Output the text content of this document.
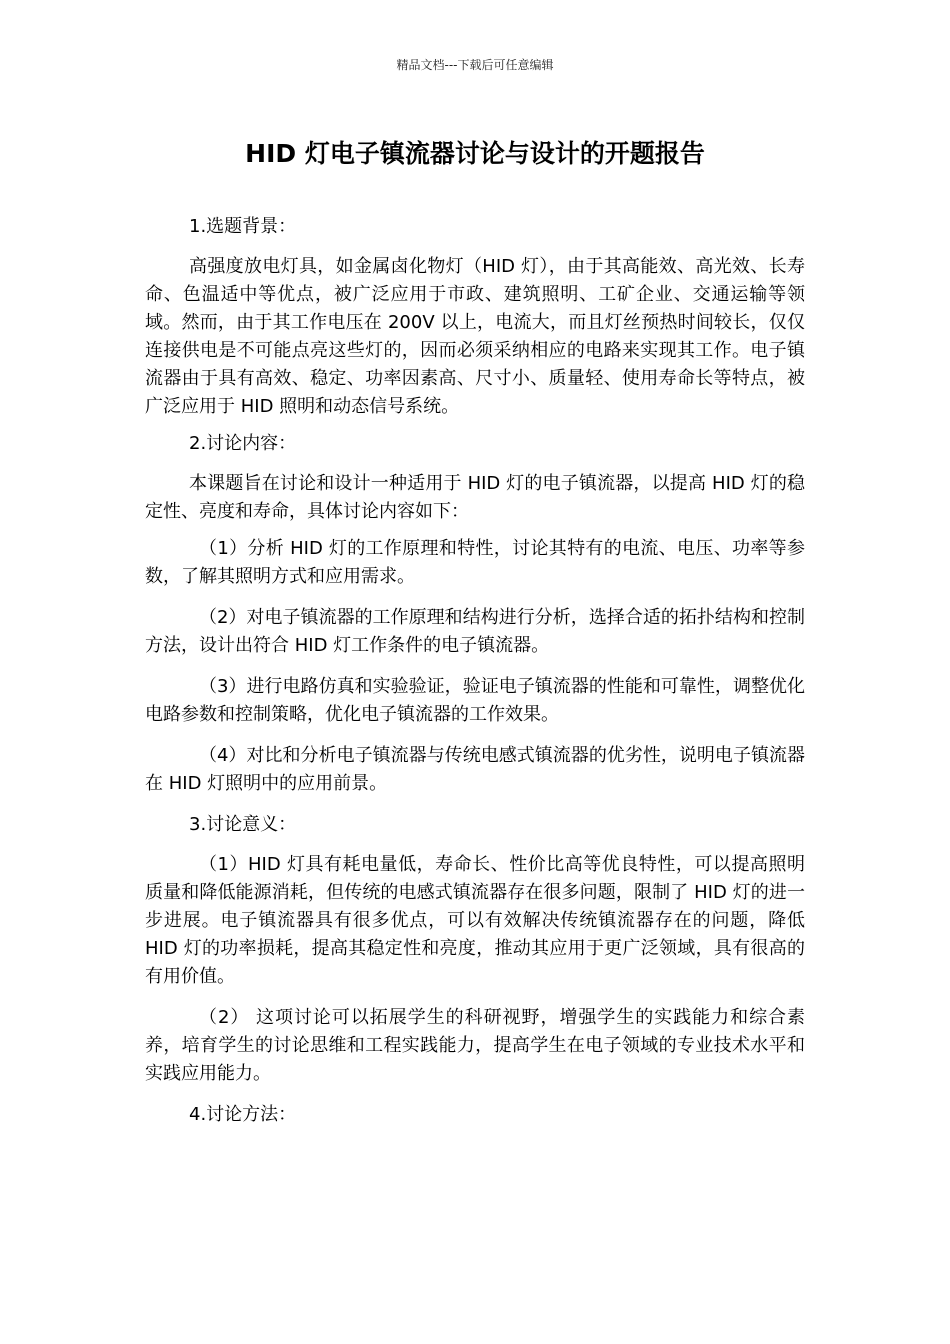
精品文档---下载后可任意编辑
HID 灯电子镇流器讨论与设计的开题报告

1.选题背景：

高强度放电灯具，如金属卤化物灯（HID 灯），由于其高能效、高光效、长寿命、色温适中等优点，被广泛应用于市政、建筑照明、工矿企业、交通运输等领域。然而，由于其工作电压在 200V 以上，电流大，而且灯丝预热时间较长，仅仅连接供电是不可能点亮这些灯的，因而必须采纳相应的电路来实现其工作。电子镇流器由于具有高效、稳定、功率因素高、尺寸小、质量轻、使用寿命长等特点，被广泛应用于 HID 照明和动态信号系统。

2.讨论内容：

本课题旨在讨论和设计一种适用于 HID 灯的电子镇流器，以提高 HID 灯的稳定性、亮度和寿命，具体讨论内容如下：

（1）分析 HID 灯的工作原理和特性，讨论其特有的电流、电压、功率等参数，了解其照明方式和应用需求。

（2）对电子镇流器的工作原理和结构进行分析，选择合适的拓扑结构和控制方法，设计出符合 HID 灯工作条件的电子镇流器。

（3）进行电路仿真和实验验证，验证电子镇流器的性能和可靠性，调整优化电路参数和控制策略，优化电子镇流器的工作效果。

（4）对比和分析电子镇流器与传统电感式镇流器的优劣性，说明电子镇流器在 HID 灯照明中的应用前景。

3.讨论意义：

（1）HID 灯具有耗电量低，寿命长、性价比高等优良特性，可以提高照明质量和降低能源消耗，但传统的电感式镇流器存在很多问题，限制了 HID 灯的进一步进展。电子镇流器具有很多优点，可以有效解决传统镇流器存在的问题，降低 HID 灯的功率损耗，提高其稳定性和亮度，推动其应用于更广泛领域，具有很高的有用价值。

（2） 这项讨论可以拓展学生的科研视野，增强学生的实践能力和综合素养，培育学生的讨论思维和工程实践能力，提高学生在电子领域的专业技术水平和实践应用能力。

4.讨论方法：
